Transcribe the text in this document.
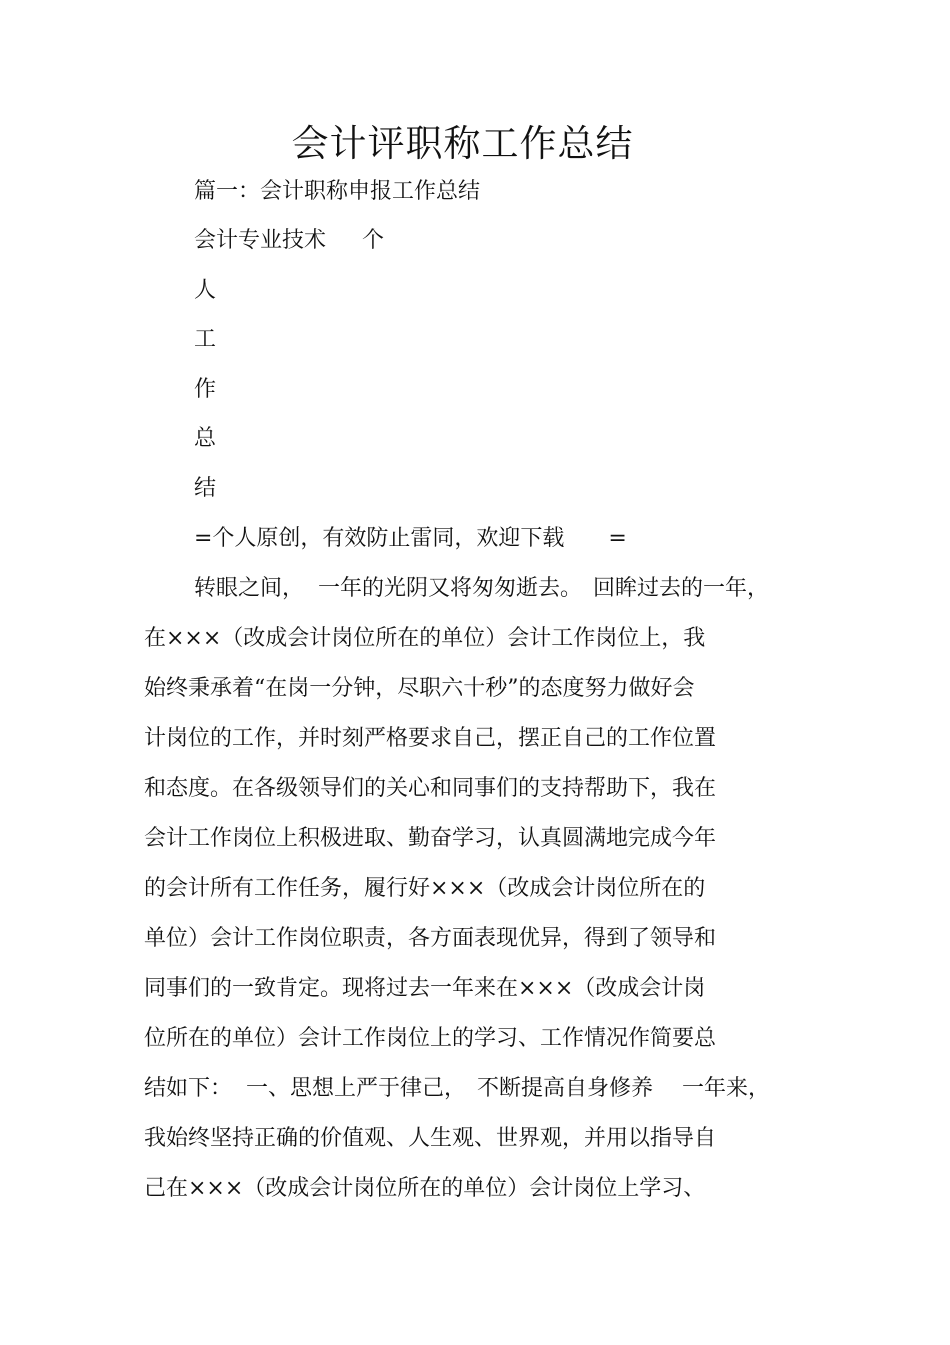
会计评职称工作总结
篇一：会计职称申报工作总结
会计专业技术　  个
人
工
作
总
结
=个人原创，有效防止雷同，欢迎下载　　=
转眼之间，  一年的光阴又将匆匆逝去。　回眸过去的一年，
在×××（改成会计岗位所在的单位）会计工作岗位上，我
始终秉承着“在岗一分钟，尽职六十秒”的态度努力做好会
计岗位的工作，并时刻严格要求自己，摆正自己的工作位置
和态度。在各级领导们的关心和同事们的支持帮助下，我在
会计工作岗位上积极进取、勤奋学习，认真圆满地完成今年
的会计所有工作任务，履行好×××（改成会计岗位所在的
单位）会计工作岗位职责，各方面表现优异，得到了领导和
同事们的一致肯定。现将过去一年来在×××（改成会计岗
位所在的单位）会计工作岗位上的学习、工作情况作简要总
结如下：  一、思想上严于律己，　不断提高自身修养　 一年来，
我始终坚持正确的价值观、人生观、世界观，并用以指导自
己在×××（改成会计岗位所在的单位）会计岗位上学习、
